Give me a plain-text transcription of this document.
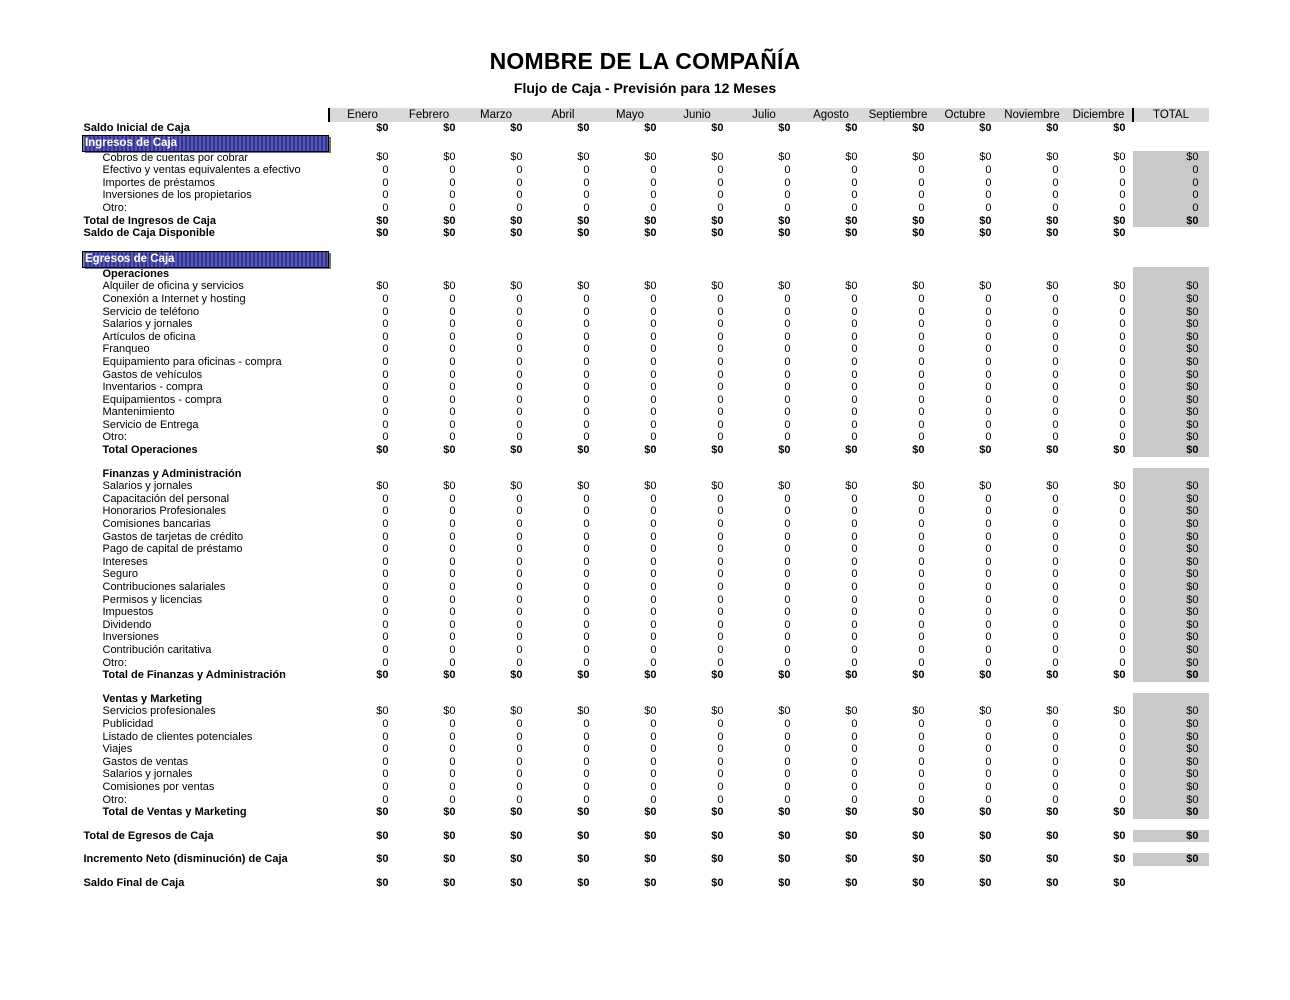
NOMBRE DE LA COMPAÑÍA
Flujo de Caja - Previsión para 12 Meses
	Enero	Febrero	Marzo	Abril	Mayo	Junio	Julio	Agosto	Septiembre	Octubre	Noviembre	Diciembre	TOTAL
Saldo Inicial de Caja	$0	$0	$0	$0	$0	$0	$0	$0	$0	$0	$0	$0	
Ingresos de Caja													
Cobros de cuentas por cobrar	$0	$0	$0	$0	$0	$0	$0	$0	$0	$0	$0	$0	$0
Efectivo y ventas equivalentes a efectivo	0	0	0	0	0	0	0	0	0	0	0	0	0
Importes de préstamos	0	0	0	0	0	0	0	0	0	0	0	0	0
Inversiones de los propietarios	0	0	0	0	0	0	0	0	0	0	0	0	0
Otro:	0	0	0	0	0	0	0	0	0	0	0	0	0
Total de Ingresos de Caja	$0	$0	$0	$0	$0	$0	$0	$0	$0	$0	$0	$0	$0
Saldo de Caja Disponible	$0	$0	$0	$0	$0	$0	$0	$0	$0	$0	$0	$0	

Egresos de Caja													
Operaciones													
Alquiler de oficina y servicios	$0	$0	$0	$0	$0	$0	$0	$0	$0	$0	$0	$0	$0
Conexión a Internet y hosting	0	0	0	0	0	0	0	0	0	0	0	0	$0
Servicio de teléfono	0	0	0	0	0	0	0	0	0	0	0	0	$0
Salarios y jornales	0	0	0	0	0	0	0	0	0	0	0	0	$0
Artículos de oficina	0	0	0	0	0	0	0	0	0	0	0	0	$0
Franqueo	0	0	0	0	0	0	0	0	0	0	0	0	$0
Equipamiento para oficinas - compra	0	0	0	0	0	0	0	0	0	0	0	0	$0
Gastos de vehículos	0	0	0	0	0	0	0	0	0	0	0	0	$0
Inventarios - compra	0	0	0	0	0	0	0	0	0	0	0	0	$0
Equipamientos - compra	0	0	0	0	0	0	0	0	0	0	0	0	$0
Mantenimiento	0	0	0	0	0	0	0	0	0	0	0	0	$0
Servicio de Entrega	0	0	0	0	0	0	0	0	0	0	0	0	$0
Otro:	0	0	0	0	0	0	0	0	0	0	0	0	$0
Total Operaciones	$0	$0	$0	$0	$0	$0	$0	$0	$0	$0	$0	$0	$0

Finanzas y Administración													
Salarios y jornales	$0	$0	$0	$0	$0	$0	$0	$0	$0	$0	$0	$0	$0
Capacitación del personal	0	0	0	0	0	0	0	0	0	0	0	0	$0
Honorarios Profesionales	0	0	0	0	0	0	0	0	0	0	0	0	$0
Comisiones bancarias	0	0	0	0	0	0	0	0	0	0	0	0	$0
Gastos de tarjetas de crédito	0	0	0	0	0	0	0	0	0	0	0	0	$0
Pago de capital de préstamo	0	0	0	0	0	0	0	0	0	0	0	0	$0
Intereses	0	0	0	0	0	0	0	0	0	0	0	0	$0
Seguro	0	0	0	0	0	0	0	0	0	0	0	0	$0
Contribuciones salariales	0	0	0	0	0	0	0	0	0	0	0	0	$0
Permisos y licencias	0	0	0	0	0	0	0	0	0	0	0	0	$0
Impuestos	0	0	0	0	0	0	0	0	0	0	0	0	$0
Dividendo	0	0	0	0	0	0	0	0	0	0	0	0	$0
Inversiones	0	0	0	0	0	0	0	0	0	0	0	0	$0
Contribución caritativa	0	0	0	0	0	0	0	0	0	0	0	0	$0
Otro:	0	0	0	0	0	0	0	0	0	0	0	0	$0
Total de Finanzas y Administración	$0	$0	$0	$0	$0	$0	$0	$0	$0	$0	$0	$0	$0

Ventas y Marketing													
Servicios profesionales	$0	$0	$0	$0	$0	$0	$0	$0	$0	$0	$0	$0	$0
Publicidad	0	0	0	0	0	0	0	0	0	0	0	0	$0
Listado de clientes potenciales	0	0	0	0	0	0	0	0	0	0	0	0	$0
Viajes	0	0	0	0	0	0	0	0	0	0	0	0	$0
Gastos de ventas	0	0	0	0	0	0	0	0	0	0	0	0	$0
Salarios y jornales	0	0	0	0	0	0	0	0	0	0	0	0	$0
Comisiones por ventas	0	0	0	0	0	0	0	0	0	0	0	0	$0
Otro:	0	0	0	0	0	0	0	0	0	0	0	0	$0
Total de Ventas y Marketing	$0	$0	$0	$0	$0	$0	$0	$0	$0	$0	$0	$0	$0

Total de Egresos de Caja	$0	$0	$0	$0	$0	$0	$0	$0	$0	$0	$0	$0	$0

Incremento Neto (disminución) de Caja	$0	$0	$0	$0	$0	$0	$0	$0	$0	$0	$0	$0	$0

Saldo Final de Caja	$0	$0	$0	$0	$0	$0	$0	$0	$0	$0	$0	$0	
